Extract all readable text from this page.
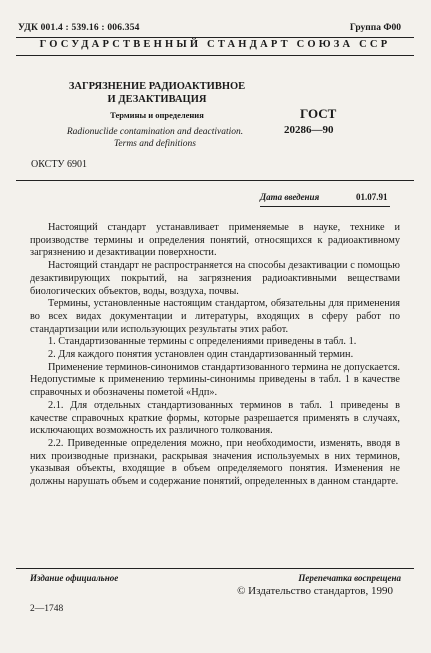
УДК 001.4 : 539.16 : 006.354	Группа Ф00
ГОСУДАРСТВЕННЫЙ СТАНДАРТ СОЮЗА ССР
ЗАГРЯЗНЕНИЕ РАДИОАКТИВНОЕ
И ДЕЗАКТИВАЦИЯ
Термины и определения
Radionuclide contamination and deactivation.
Terms and definitions
ГОСТ
20286—90
ОКСТУ 6901
Дата введения	01.07.91

Настоящий стандарт устанавливает применяемые в науке, технике и производстве термины и определения понятий, относящихся к радиоактивному загрязнению и дезактивации поверхности.

Настоящий стандарт не распространяется на способы дезактивации с помощью дезактивирующих покрытий, на загрязнения радиоактивными веществами биологических объектов, воды, воздуха, почвы.

Термины, установленные настоящим стандартом, обязательны для применения во всех видах документации и литературы, входящих в сферу работ по стандартизации или использующих результаты этих работ.

1. Стандартизованные термины с определениями приведены в табл. 1.

2. Для каждого понятия установлен один стандартизованный термин.

Применение терминов-синонимов стандартизованного термина не допускается. Недопустимые к применению термины-синонимы приведены в табл. 1 в качестве справочных и обозначены пометой «Ндп».

2.1. Для отдельных стандартизованных терминов в табл. 1 приведены в качестве справочных краткие формы, которые разрешается применять в случаях, исключающих возможность их различного толкования.

2.2. Приведенные определения можно, при необходимости, изменять, вводя в них производные признаки, раскрывая значения используемых в них терминов, указывая объекты, входящие в объем определяемого понятия. Изменения не должны нарушать объем и содержание понятий, определенных в данном стандарте.

Издание официальное	Перепечатка воспрещена
© Издательство стандартов, 1990
2—1748
